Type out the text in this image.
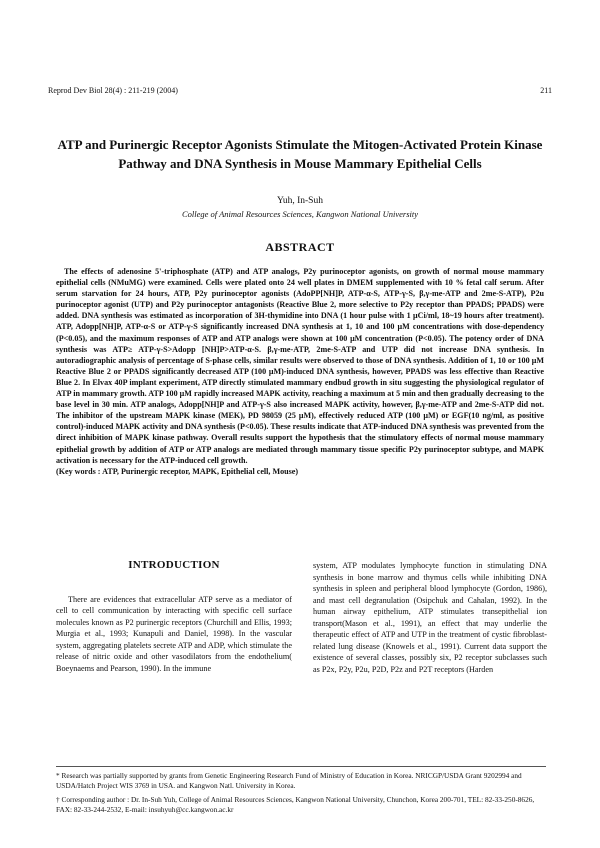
Reprod Dev Biol 28(4) : 211-219 (2004)	211
ATP and Purinergic Receptor Agonists Stimulate the Mitogen-Activated Protein Kinase Pathway and DNA Synthesis in Mouse Mammary Epithelial Cells
Yuh, In-Suh
College of Animal Resources Sciences, Kangwon National University
ABSTRACT

The effects of adenosine 5'-triphosphate (ATP) and ATP analogs, P2y purinoceptor agonists, on growth of normal mouse mammary epithelial cells (NMuMG) were examined. Cells were plated onto 24 well plates in DMEM supplemented with 10 % fetal calf serum. After serum starvation for 24 hours, ATP, P2y purinoceptor agonists (AdoPP[NH]P, ATP-α-S, ATP-γ-S, β,γ-me-ATP and 2me-S-ATP), P2u purinoceptor agonist (UTP) and P2y purinoceptor antagonists (Reactive Blue 2, more selective to P2y receptor than PPADS; PPADS) were added. DNA synthesis was estimated as incorporation of 3H-thymidine into DNA (1 hour pulse with 1 μCi/ml, 18~19 hours after treatment). ATP, Adopp[NH]P, ATP-α-S or ATP-γ-S significantly increased DNA synthesis at 1, 10 and 100 μM concentrations with dose-dependency (P<0.05), and the maximum responses of ATP and ATP analogs were shown at 100 μM concentration (P<0.05). The potency order of DNA synthesis was ATP≥ ATP-γ-S>Adopp [NH]P>ATP-α-S. β,γ-me-ATP, 2me-S-ATP and UTP did not increase DNA synthesis. In autoradiographic analysis of percentage of S-phase cells, similar results were observed to those of DNA synthesis. Addition of 1, 10 or 100 μM Reactive Blue 2 or PPADS significantly decreased ATP (100 μM)-induced DNA synthesis, however, PPADS was less effective than Reactive Blue 2. In Elvax 40P implant experiment, ATP directly stimulated mammary endbud growth in situ suggesting the physiological regulator of ATP in mammary growth. ATP 100 μM rapidly increased MAPK activity, reaching a maximum at 5 min and then gradually decreasing to the base level in 30 min. ATP analogs, Adopp[NH]P and ATP-γ-S also increased MAPK activity, however, β,γ-me-ATP and 2me-S-ATP did not. The inhibitor of the upstream MAPK kinase (MEK), PD 98059 (25 μM), effectively reduced ATP (100 μM) or EGF(10 ng/ml, as positive control)-induced MAPK activity and DNA synthesis (P<0.05). These results indicate that ATP-induced DNA synthesis was prevented from the direct inhibition of MAPK kinase pathway. Overall results support the hypothesis that the stimulatory effects of normal mouse mammary epithelial growth by addition of ATP or ATP analogs are mediated through mammary tissue specific P2y purinoceptor subtype, and MAPK activation is necessary for the ATP-induced cell growth.

(Key words : ATP, Purinergic receptor, MAPK, Epithelial cell, Mouse)

INTRODUCTION

There are evidences that extracellular ATP serve as a mediator of cell to cell communication by interacting with specific cell surface molecules known as P2 purinergic receptors (Churchill and Ellis, 1993; Murgia et al., 1993; Kunapuli and Daniel, 1998). In the vascular system, aggregating platelets secrete ATP and ADP, which stimulate the release of nitric oxide and other vasodilators from the endothelium( Boeynaems and Pearson, 1990). In the immune

system, ATP modulates lymphocyte function in stimulating DNA synthesis in bone marrow and thymus cells while inhibiting DNA synthesis in spleen and peripheral blood lymphocyte (Gordon, 1986), and mast cell degranulation (Osipchuk and Cahalan, 1992). In the human airway epithelium, ATP stimulates transepithelial ion transport(Mason et al., 1991), an effect that may underlie the therapeutic effect of ATP and UTP in the treatment of cystic fibroblast-related lung disease (Knowels et al., 1991). Current data support the existence of several classes, possibly six, P2 receptor subclasses such as P2x, P2y, P2u, P2D, P2z and P2T receptors (Harden

* Research was partially supported by grants from Genetic Engineering Research Fund of Ministry of Education in Korea. NRICGP/USDA Grant 9202994 and USDA/Hatch Project WIS 3769 in USA. and Kangwon Natl. University in Korea.
† Corresponding author : Dr. In-Suh Yuh, College of Animal Resources Sciences, Kangwon National University, Chunchon, Korea 200-701, TEL: 82-33-250-8626, FAX: 82-33-244-2532, E-mail: insuhyuh@cc.kangwon.ac.kr
